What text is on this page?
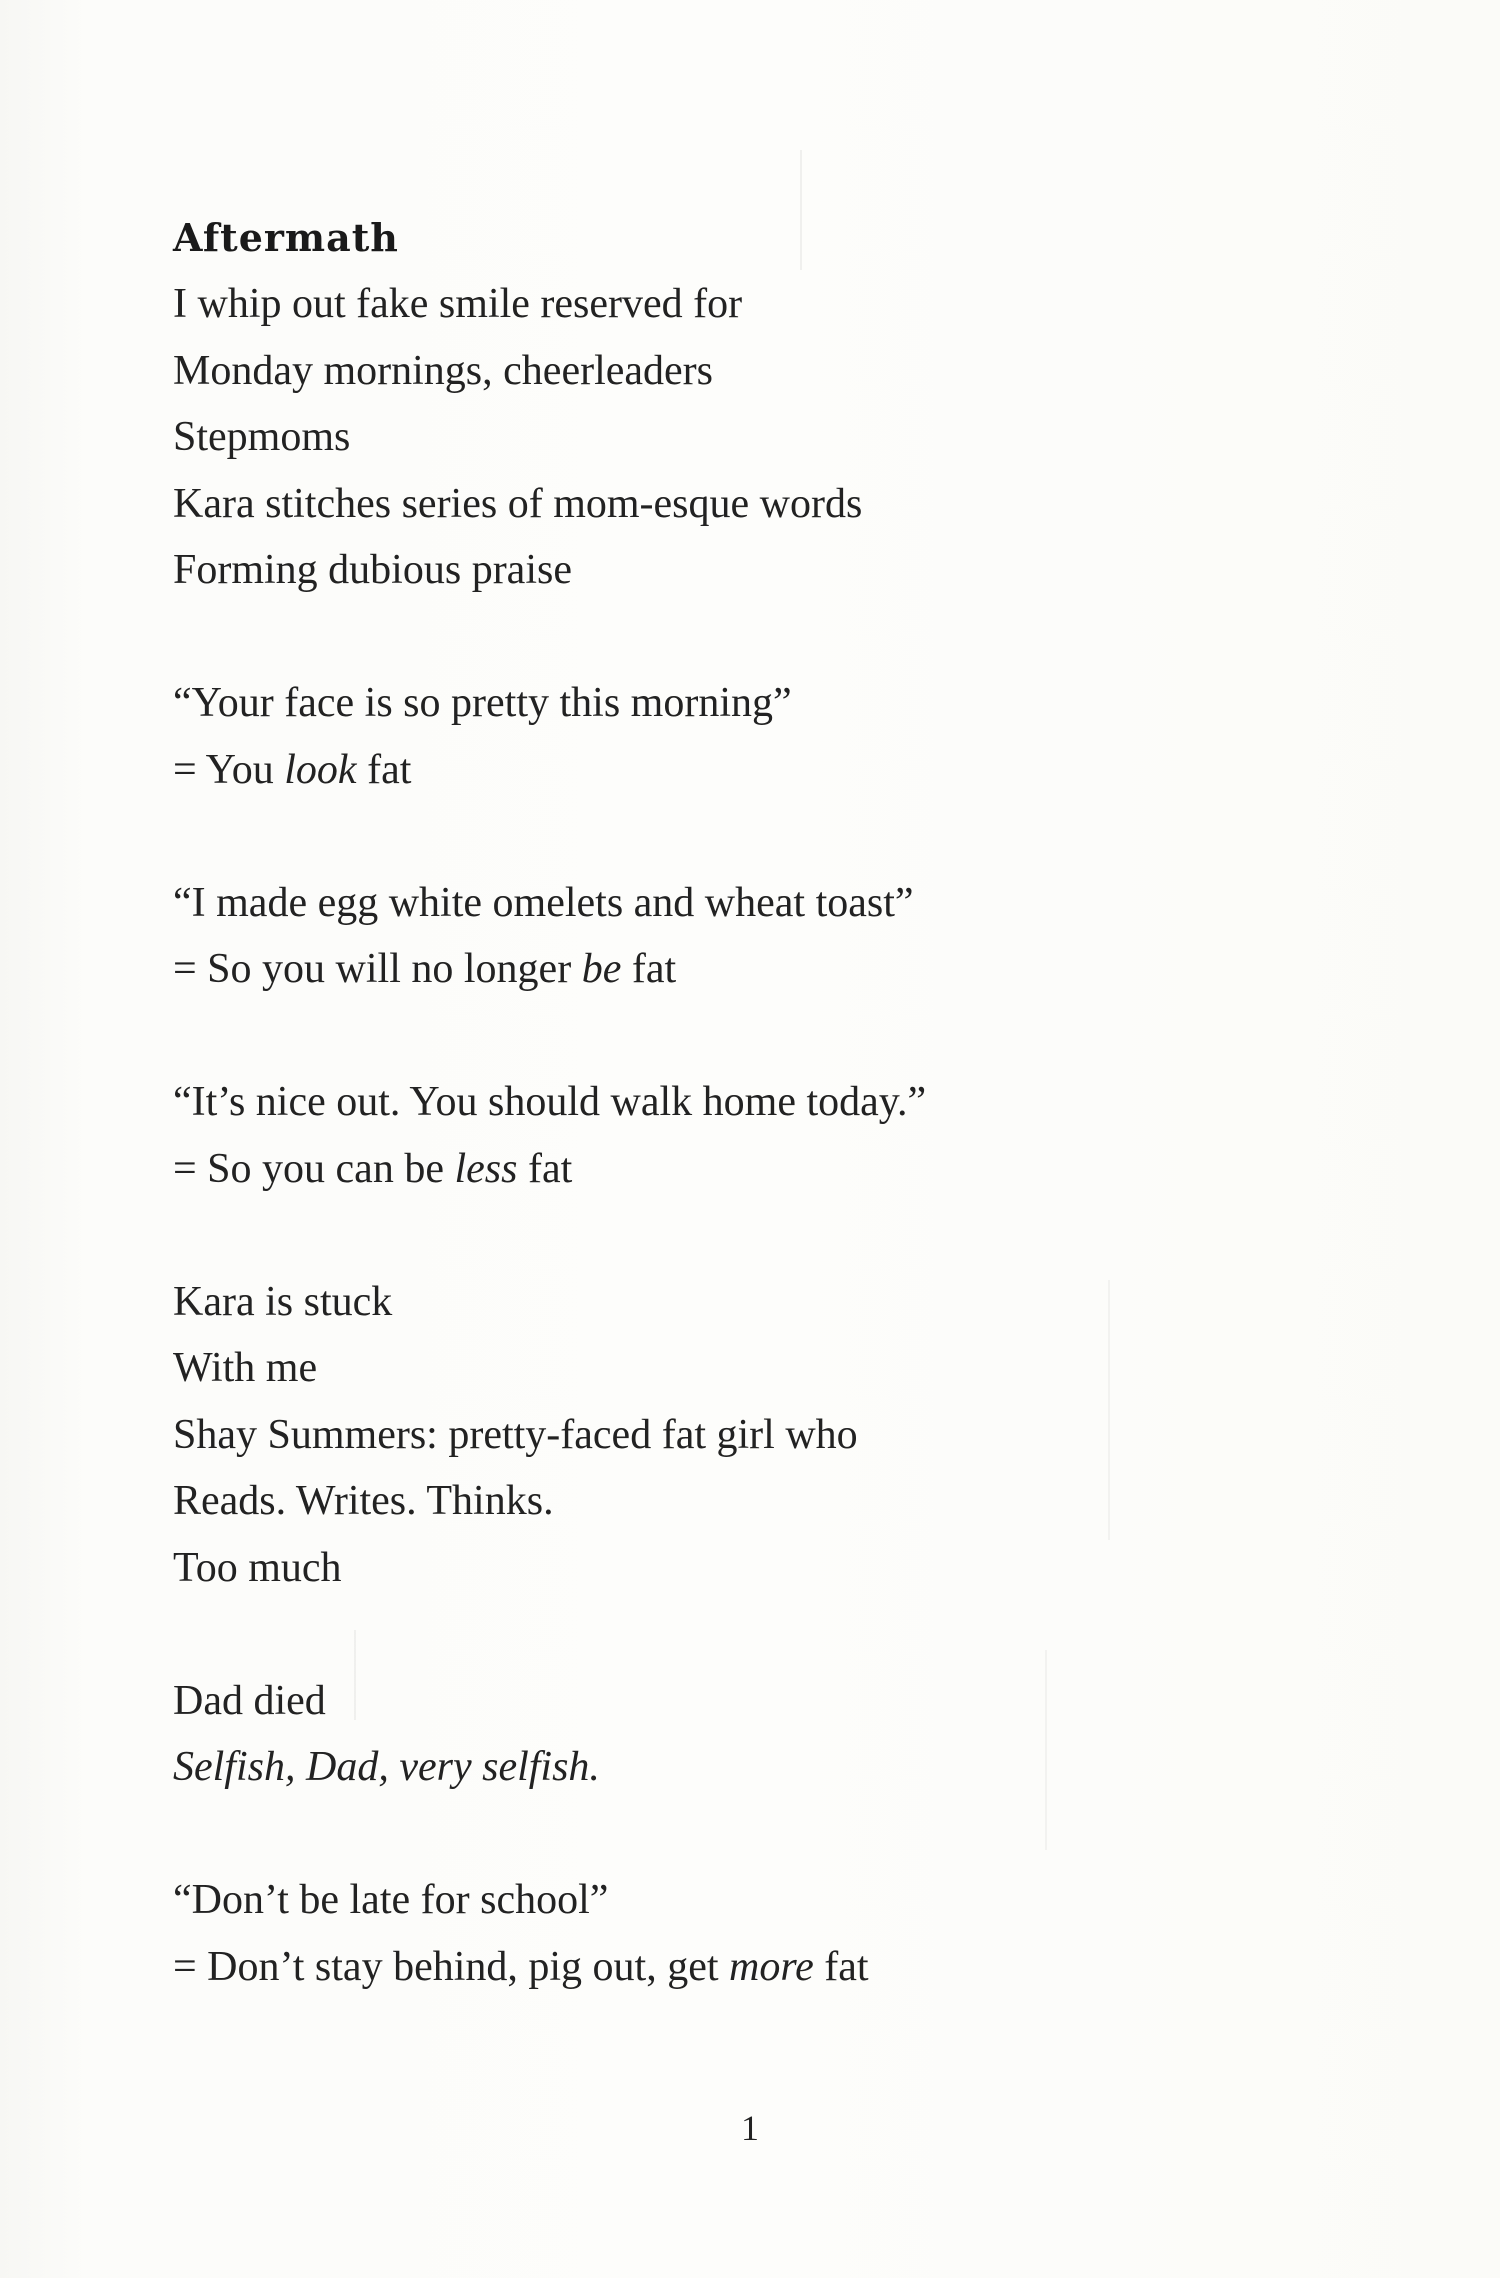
Aftermath

I whip out fake smile reserved for

Monday mornings, cheerleaders

Stepmoms

Kara stitches series of mom-esque words

Forming dubious praise

“Your face is so pretty this morning”

= You look fat

“I made egg white omelets and wheat toast”

= So you will no longer be fat

“It’s nice out. You should walk home today.”

= So you can be less fat

Kara is stuck

With me

Shay Summers: pretty-faced fat girl who

Reads. Writes. Thinks.

Too much

Dad died

Selfish, Dad, very selfish.

“Don’t be late for school”

= Don’t stay behind, pig out, get more fat

1
